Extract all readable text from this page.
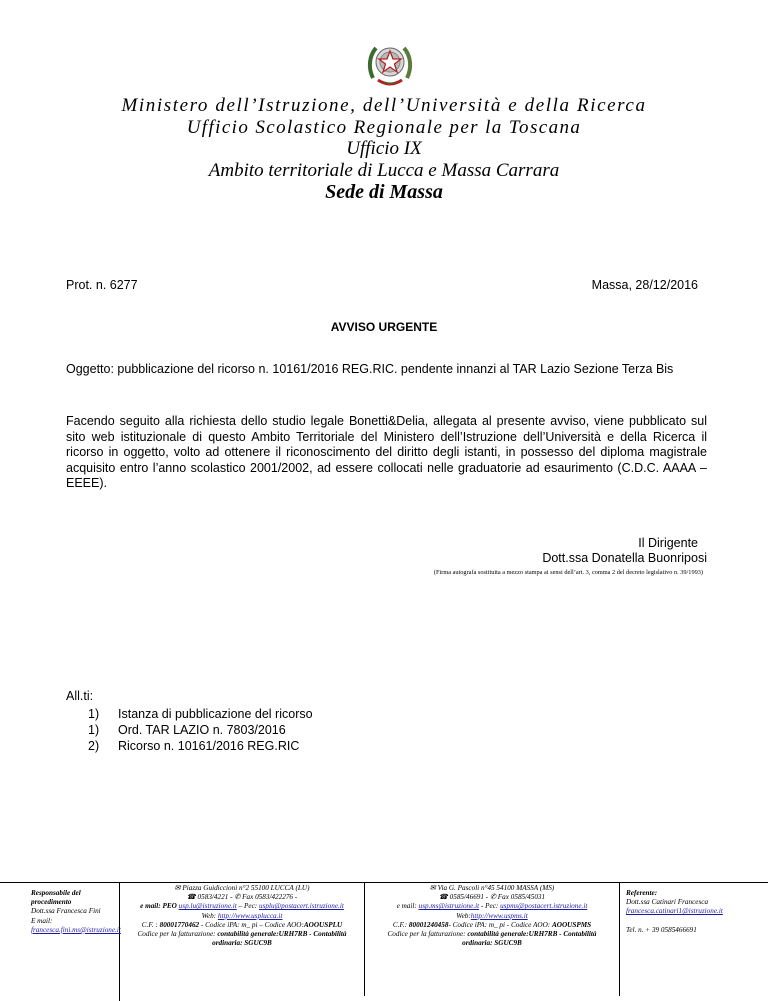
Ministero dell’Istruzione, dell’Università e della Ricerca
Ufficio Scolastico Regionale per la Toscana
Ufficio IX
Ambito territoriale di Lucca e Massa Carrara
Sede di Massa
Prot. n. 6277	Massa, 28/12/2016
AVVISO URGENTE
Oggetto: pubblicazione del ricorso n. 10161/2016 REG.RIC. pendente innanzi al TAR Lazio Sezione Terza Bis
Facendo seguito alla richiesta dello studio legale Bonetti&Delia, allegata al presente avviso, viene pubblicato sul sito web istituzionale di questo Ambito Territoriale del Ministero dell’Istruzione dell’Università e della Ricerca il ricorso in oggetto, volto ad ottenere il riconoscimento del diritto degli istanti, in possesso del diploma magistrale acquisito entro l’anno scolastico 2001/2002, ad essere collocati nelle graduatorie ad esaurimento (C.D.C. AAAA – EEEE).
Il Dirigente
Dott.ssa Donatella Buonriposi
(Firma autografa sostituita a mezzo stampa ai sensi dell’art. 3, comma 2 del decreto legislativo n. 39/1993)
All.ti:
1)	Istanza di pubblicazione del ricorso
1)	Ord. TAR LAZIO n. 7803/2016
2)	Ricorso n. 10161/2016 REG.RIC
Responsabile del
procedimento
Dott.ssa Francesca Fini
E mail:
francesca.fini.ms@istruzione.it
✉ Piazza Guidiccioni n°2 55100 LUCCA (LU)
☎ 0583/4221 - ✆ Fax 0583/422276 -
e mail: PEO usp.lu@istruzione.it – Pec: usplu@postacert.istruzione.it
Web: http://www.usplucca.it
C.F. : 80001770462 - Codice iPA: m_ pi – Codice AOO:AOOUSPLU
Codice per la fatturazione: contabilità generale:URH7RB - Contabilità
ordinaria: SGUC9B
✉ Via G. Pascoli n°45 54100 MASSA (MS)
☎ 0585/46691 - ✆ Fax 0585/45031
e mail: usp.ms@istruzione.it - Pec: uspms@postacert.istruzione.it
Web:http://www.uspms.it
C.F.: 80001240458- Codice iPA: m_ pi - Codice AOO: AOOUSPMS
Codice per la fatturazione: contabilità generale:URH7RB - Contabilità
ordinaria: SGUC9B
Referente:
Dott.ssa Catinari Francesca
francesca.catinari1@istruzione.it
Tel. n. + 39 0585466691
